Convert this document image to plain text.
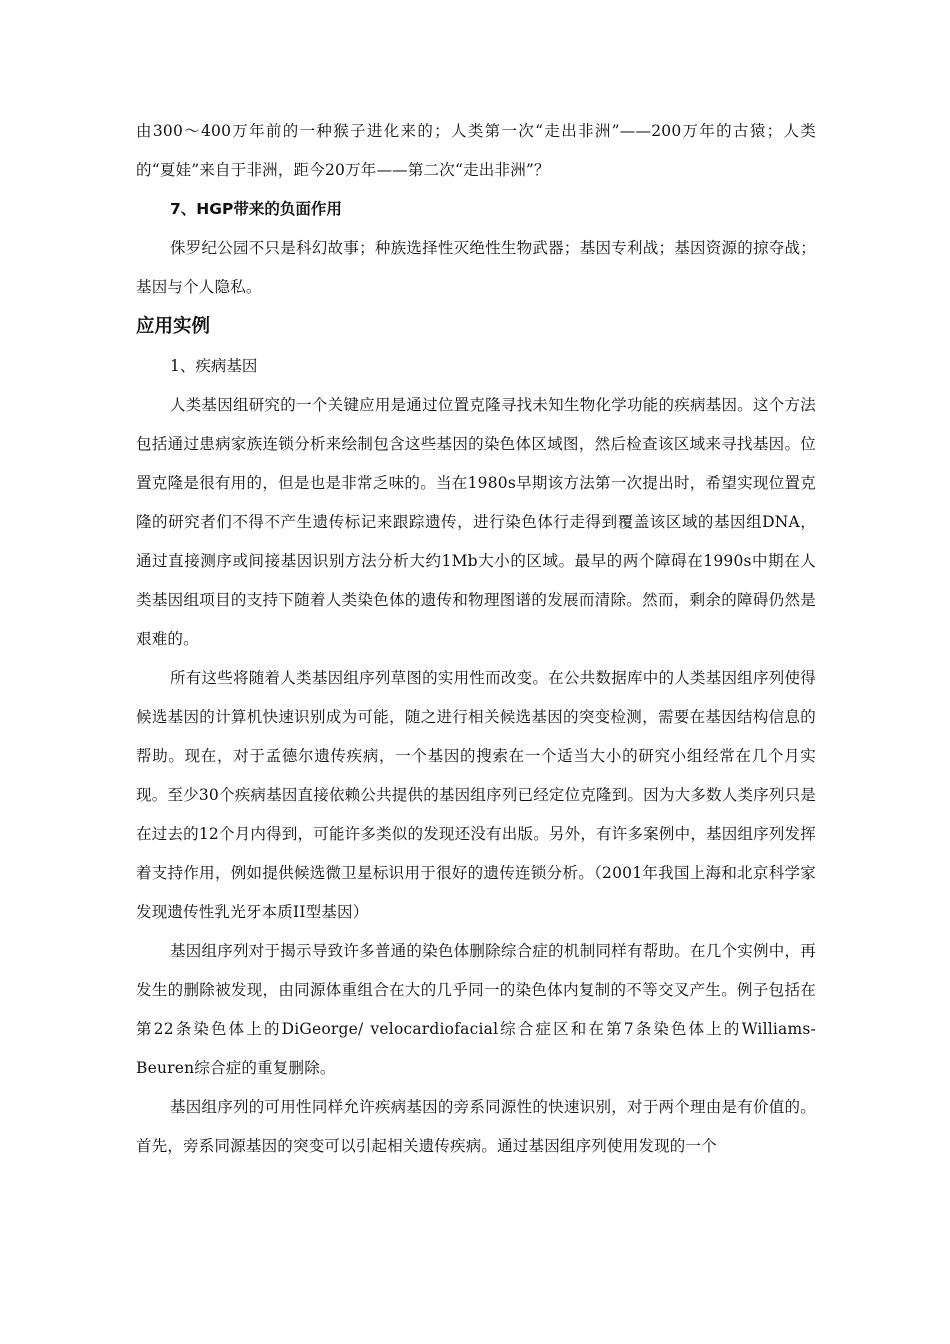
由300～400万年前的一种猴子进化来的；人类第一次“走出非洲”——200万年的古猿；人类的“夏娃”来自于非洲，距今20万年——第二次“走出非洲”？

7、HGP带来的负面作用

侏罗纪公园不只是科幻故事；种族选择性灭绝性生物武器；基因专利战；基因资源的掠夺战；基因与个人隐私。

应用实例

1、疾病基因

人类基因组研究的一个关键应用是通过位置克隆寻找未知生物化学功能的疾病基因。这个方法包括通过患病家族连锁分析来绘制包含这些基因的染色体区域图，然后检查该区域来寻找基因。位置克隆是很有用的，但是也是非常乏味的。当在1980s早期该方法第一次提出时，希望实现位置克隆的研究者们不得不产生遗传标记来跟踪遗传，进行染色体行走得到覆盖该区域的基因组DNA，通过直接测序或间接基因识别方法分析大约1Mb大小的区域。最早的两个障碍在1990s中期在人类基因组项目的支持下随着人类染色体的遗传和物理图谱的发展而清除。然而，剩余的障碍仍然是艰难的。

所有这些将随着人类基因组序列草图的实用性而改变。在公共数据库中的人类基因组序列使得候选基因的计算机快速识别成为可能，随之进行相关候选基因的突变检测，需要在基因结构信息的帮助。现在，对于孟德尔遗传疾病，一个基因的搜索在一个适当大小的研究小组经常在几个月实现。至少30个疾病基因直接依赖公共提供的基因组序列已经定位克隆到。因为大多数人类序列只是在过去的12个月内得到，可能许多类似的发现还没有出版。另外，有许多案例中，基因组序列发挥着支持作用，例如提供候选微卫星标识用于很好的遗传连锁分析。（2001年我国上海和北京科学家发现遗传性乳光牙本质II型基因）

基因组序列对于揭示导致许多普通的染色体删除综合症的机制同样有帮助。在几个实例中，再发生的删除被发现，由同源体重组合在大的几乎同一的染色体内复制的不等交叉产生。例子包括在第22条染色体上的DiGeorge/ velocardiofacial综合症区和在第7条染色体上的Williams-Beuren综合症的重复删除。

基因组序列的可用性同样允许疾病基因的旁系同源性的快速识别，对于两个理由是有价值的。首先，旁系同源基因的突变可以引起相关遗传疾病。通过基因组序列使用发现的一个
